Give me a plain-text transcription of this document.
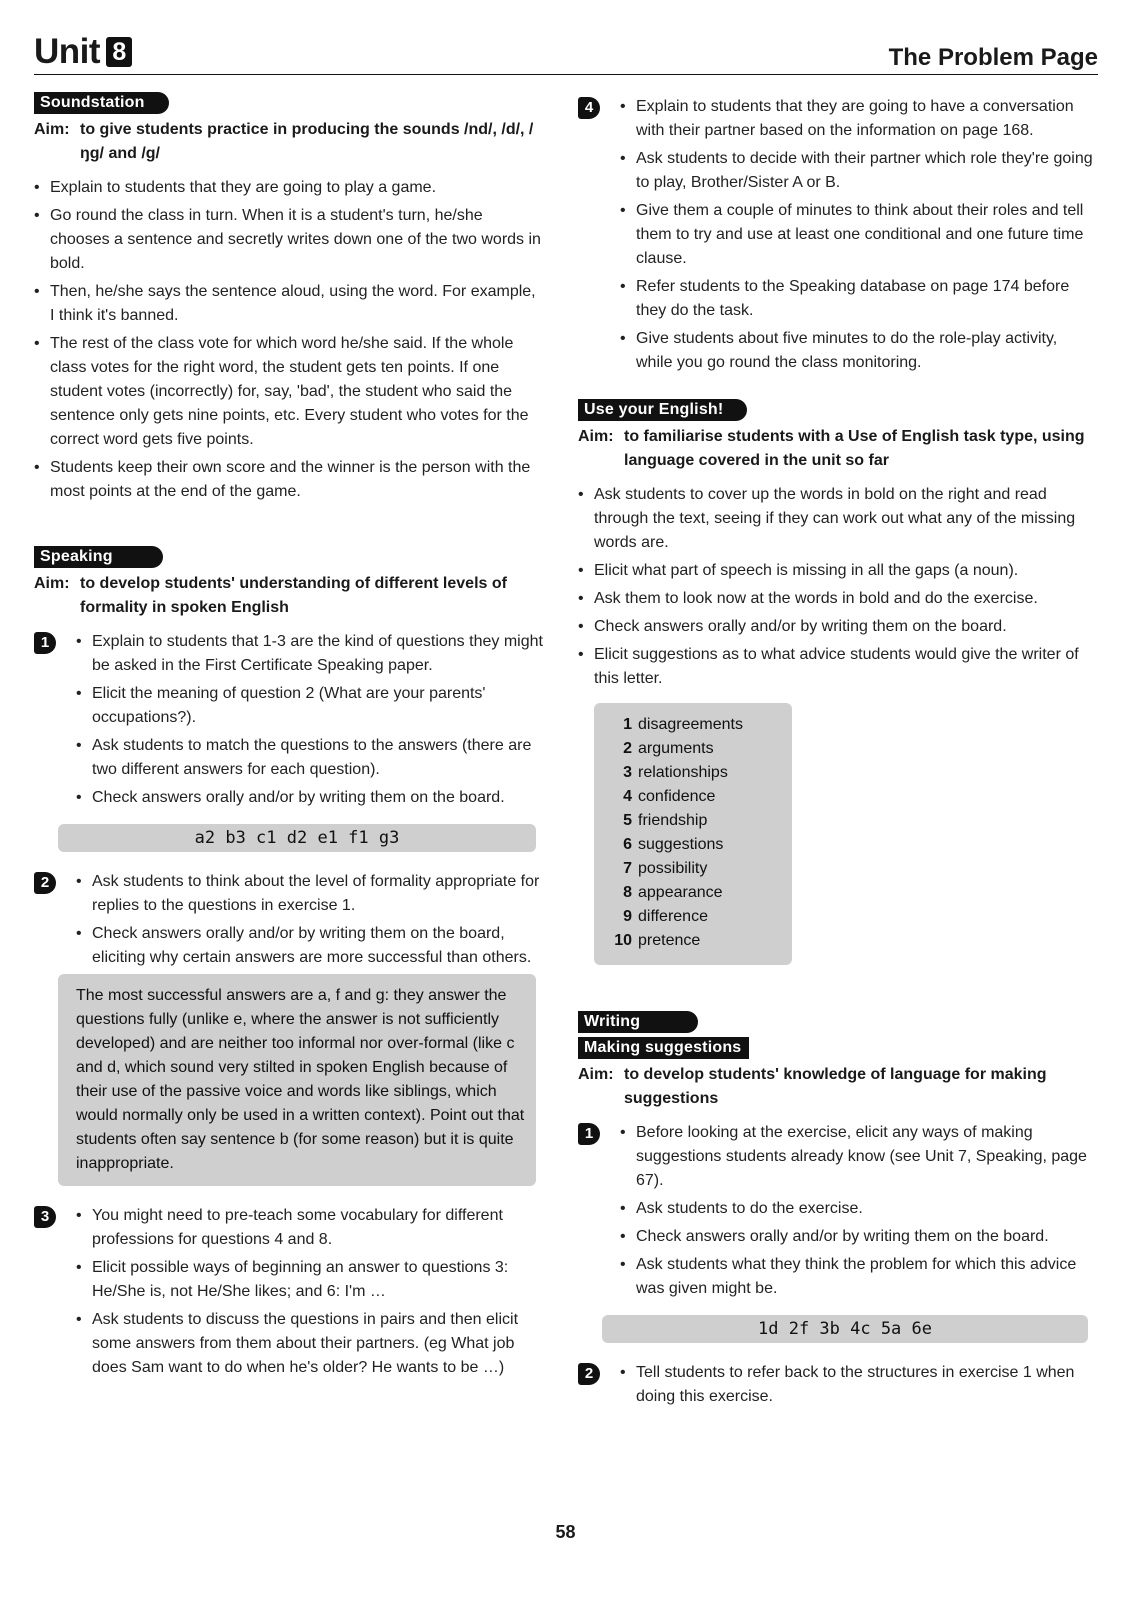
Unit 8	The Problem Page
Soundstation
Aim: to give students practice in producing the sounds /nd/, /d/, /ŋg/ and /g/
• Explain to students that they are going to play a game.
• Go round the class in turn. When it is a student's turn, he/she chooses a sentence and secretly writes down one of the two words in bold.
• Then, he/she says the sentence aloud, using the word. For example, I think it's banned.
• The rest of the class vote for which word he/she said. If the whole class votes for the right word, the student gets ten points. If one student votes (incorrectly) for, say, 'bad', the student who said the sentence only gets nine points, etc. Every student who votes for the correct word gets five points.
• Students keep their own score and the winner is the person with the most points at the end of the game.
Speaking
Aim: to develop students' understanding of different levels of formality in spoken English
1	• Explain to students that 1-3 are the kind of questions they might be asked in the First Certificate Speaking paper.
• Elicit the meaning of question 2 (What are your parents' occupations?).
• Ask students to match the questions to the answers (there are two different answers for each question).
• Check answers orally and/or by writing them on the board.
a2 b3 c1 d2 e1 f1 g3
2	• Ask students to think about the level of formality appropriate for replies to the questions in exercise 1.
• Check answers orally and/or by writing them on the board, eliciting why certain answers are more successful than others.
The most successful answers are a, f and g: they answer the questions fully (unlike e, where the answer is not sufficiently developed) and are neither too informal nor over-formal (like c and d, which sound very stilted in spoken English because of their use of the passive voice and words like siblings, which would normally only be used in a written context). Point out that students often say sentence b (for some reason) but it is quite inappropriate.
3	• You might need to pre-teach some vocabulary for different professions for questions 4 and 8.
• Elicit possible ways of beginning an answer to questions 3: He/She is, not He/She likes; and 6: I'm …
• Ask students to discuss the questions in pairs and then elicit some answers from them about their partners. (eg What job does Sam want to do when he's older? He wants to be …)
4	• Explain to students that they are going to have a conversation with their partner based on the information on page 168.
• Ask students to decide with their partner which role they're going to play, Brother/Sister A or B.
• Give them a couple of minutes to think about their roles and tell them to try and use at least one conditional and one future time clause.
• Refer students to the Speaking database on page 174 before they do the task.
• Give students about five minutes to do the role-play activity, while you go round the class monitoring.
Use your English!
Aim: to familiarise students with a Use of English task type, using language covered in the unit so far
• Ask students to cover up the words in bold on the right and read through the text, seeing if they can work out what any of the missing words are.
• Elicit what part of speech is missing in all the gaps (a noun).
• Ask them to look now at the words in bold and do the exercise.
• Check answers orally and/or by writing them on the board.
• Elicit suggestions as to what advice students would give the writer of this letter.
1 disagreements
2 arguments
3 relationships
4 confidence
5 friendship
6 suggestions
7 possibility
8 appearance
9 difference
10 pretence
Writing
Making suggestions
Aim: to develop students' knowledge of language for making suggestions
1	• Before looking at the exercise, elicit any ways of making suggestions students already know (see Unit 7, Speaking, page 67).
• Ask students to do the exercise.
• Check answers orally and/or by writing them on the board.
• Ask students what they think the problem for which this advice was given might be.
1d 2f 3b 4c 5a 6e
2	• Tell students to refer back to the structures in exercise 1 when doing this exercise.
58
